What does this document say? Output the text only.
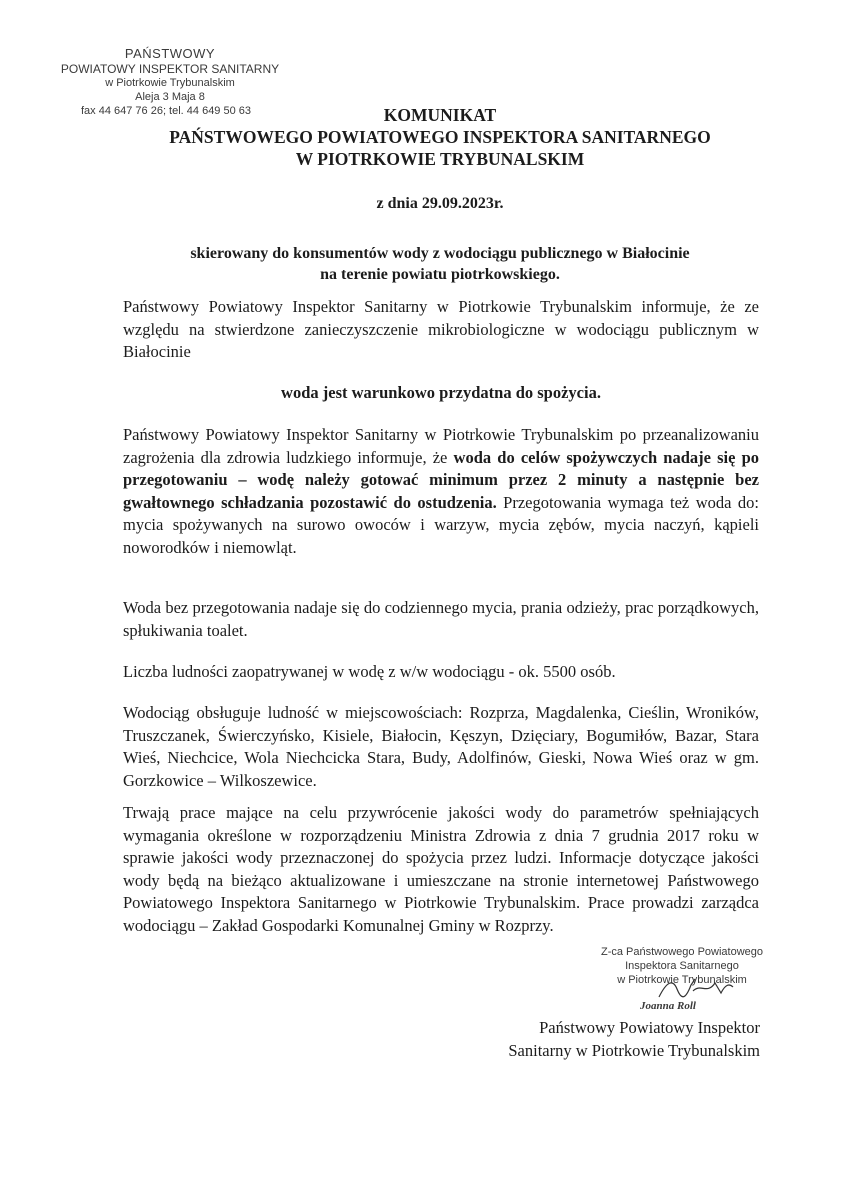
PAŃSTWOWY
POWIATOWY INSPEKTOR SANITARNY
w Piotrkowie Trybunalskim
Aleja 3 Maja 8
fax 44 647 76 26; tel. 44 649 50 63	KOMUNIKAT
PAŃSTWOWEGO POWIATOWEGO INSPEKTORA SANITARNEGO
W PIOTRKOWIE TRYBUNALSKIM
z dnia 29.09.2023r.
skierowany do konsumentów wody z wodociągu publicznego w Białocinie
na terenie powiatu piotrkowskiego.
Państwowy Powiatowy Inspektor Sanitarny w Piotrkowie Trybunalskim informuje, że ze względu na stwierdzone zanieczyszczenie mikrobiologiczne w wodociągu publicznym w Białocinie
woda jest warunkowo przydatna do spożycia.
Państwowy Powiatowy Inspektor Sanitarny w Piotrkowie Trybunalskim po przeanalizowaniu zagrożenia dla zdrowia ludzkiego informuje, że woda do celów spożywczych nadaje się po przegotowaniu – wodę należy gotować minimum przez 2 minuty a następnie bez gwałtownego schładzania pozostawić do ostudzenia. Przegotowania wymaga też woda do: mycia spożywanych na surowo owoców i warzyw, mycia zębów, mycia naczyń, kąpieli noworodków i niemowląt.
Woda bez przegotowania nadaje się do codziennego mycia, prania odzieży, prac porządkowych, spłukiwania toalet.
Liczba ludności zaopatrywanej w wodę z w/w wodociągu - ok. 5500 osób.
Wodociąg obsługuje ludność w miejscowościach: Rozprza, Magdalenka, Cieślin, Wroników, Truszczanek, Świerczyńsko, Kisiele, Białocin, Kęszyn, Dzięciary, Bogumiłów, Bazar, Stara Wieś, Niechcice, Wola Niechcicka Stara, Budy, Adolfinów, Gieski, Nowa Wieś oraz w gm. Gorzkowice – Wilkoszewice.
Trwają prace mające na celu przywrócenie jakości wody do parametrów spełniających wymagania określone w rozporządzeniu Ministra Zdrowia z dnia 7 grudnia 2017 roku w sprawie jakości wody przeznaczonej do spożycia przez ludzi. Informacje dotyczące jakości wody będą na bieżąco aktualizowane i umieszczane na stronie internetowej Państwowego Powiatowego Inspektora Sanitarnego w Piotrkowie Trybunalskim. Prace prowadzi zarządca wodociągu – Zakład Gospodarki Komunalnej Gminy w Rozprzy.
Z-ca Państwowego Powiatowego
Inspektora Sanitarnego
w Piotrkowie Trybunalskim
Joanna Roll
Państwowy Powiatowy Inspektor
Sanitarny w Piotrkowie Trybunalskim
